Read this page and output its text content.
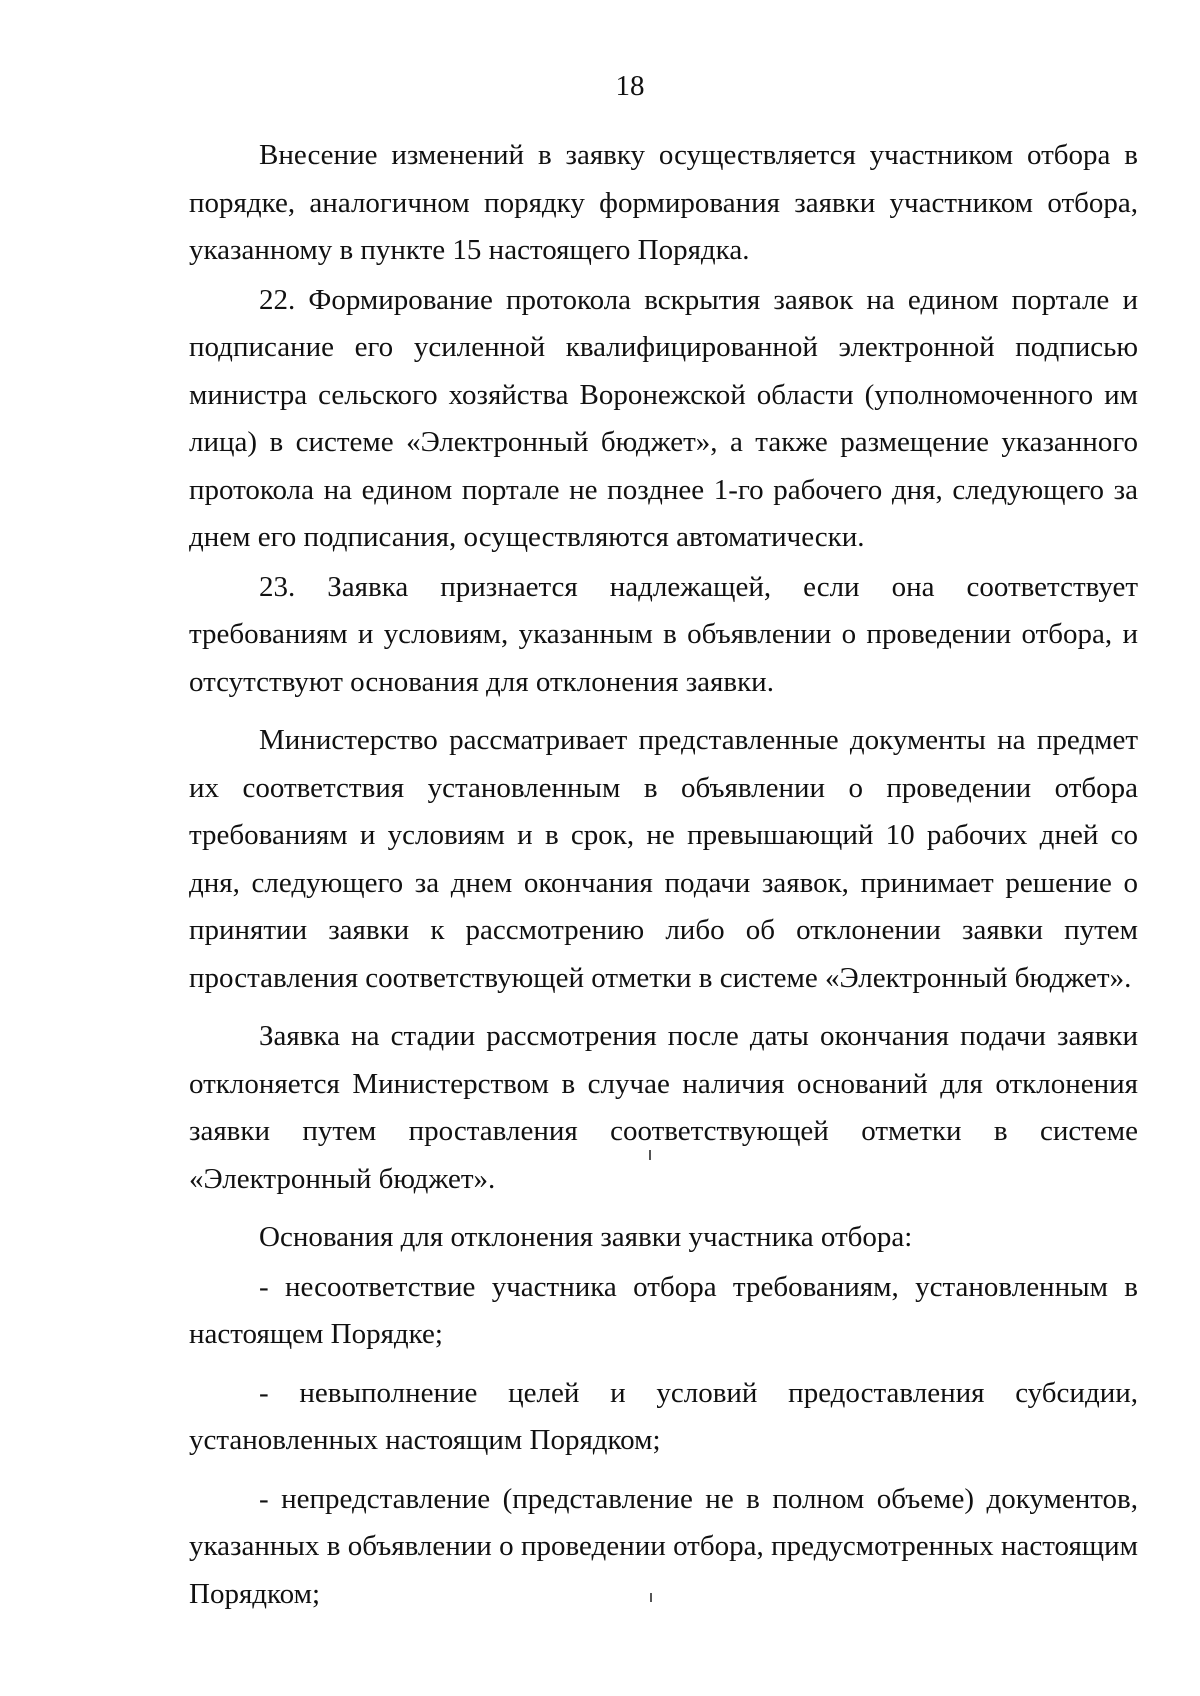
18

Внесение изменений в заявку осуществляется участником отбора в порядке, аналогичном порядку формирования заявки участником отбора, указанному в пункте 15 настоящего Порядка.

22. Формирование протокола вскрытия заявок на едином портале и подписание его усиленной квалифицированной электронной подписью министра сельского хозяйства Воронежской области (уполномоченного им лица) в системе «Электронный бюджет», а также размещение указанного протокола на едином портале не позднее 1-го рабочего дня, следующего за днем его подписания, осуществляются автоматически.

23. Заявка признается надлежащей, если она соответствует требованиям и условиям, указанным в объявлении о проведении отбора, и отсутствуют основания для отклонения заявки.

Министерство рассматривает представленные документы на предмет их соответствия установленным в объявлении о проведении отбора требованиям и условиям и в срок, не превышающий 10 рабочих дней со дня, следующего за днем окончания подачи заявок, принимает решение о принятии заявки к рассмотрению либо об отклонении заявки путем проставления соответствующей отметки в системе «Электронный бюджет».

Заявка на стадии рассмотрения после даты окончания подачи заявки отклоняется Министерством в случае наличия оснований для отклонения заявки путем проставления соответствующей отметки в системе «Электронный бюджет».

Основания для отклонения заявки участника отбора:

- несоответствие участника отбора требованиям, установленным в настоящем Порядке;

- невыполнение целей и условий предоставления субсидии, установленных настоящим Порядком;

- непредставление (представление не в полном объеме) документов, указанных в объявлении о проведении отбора, предусмотренных настоящим Порядком;
